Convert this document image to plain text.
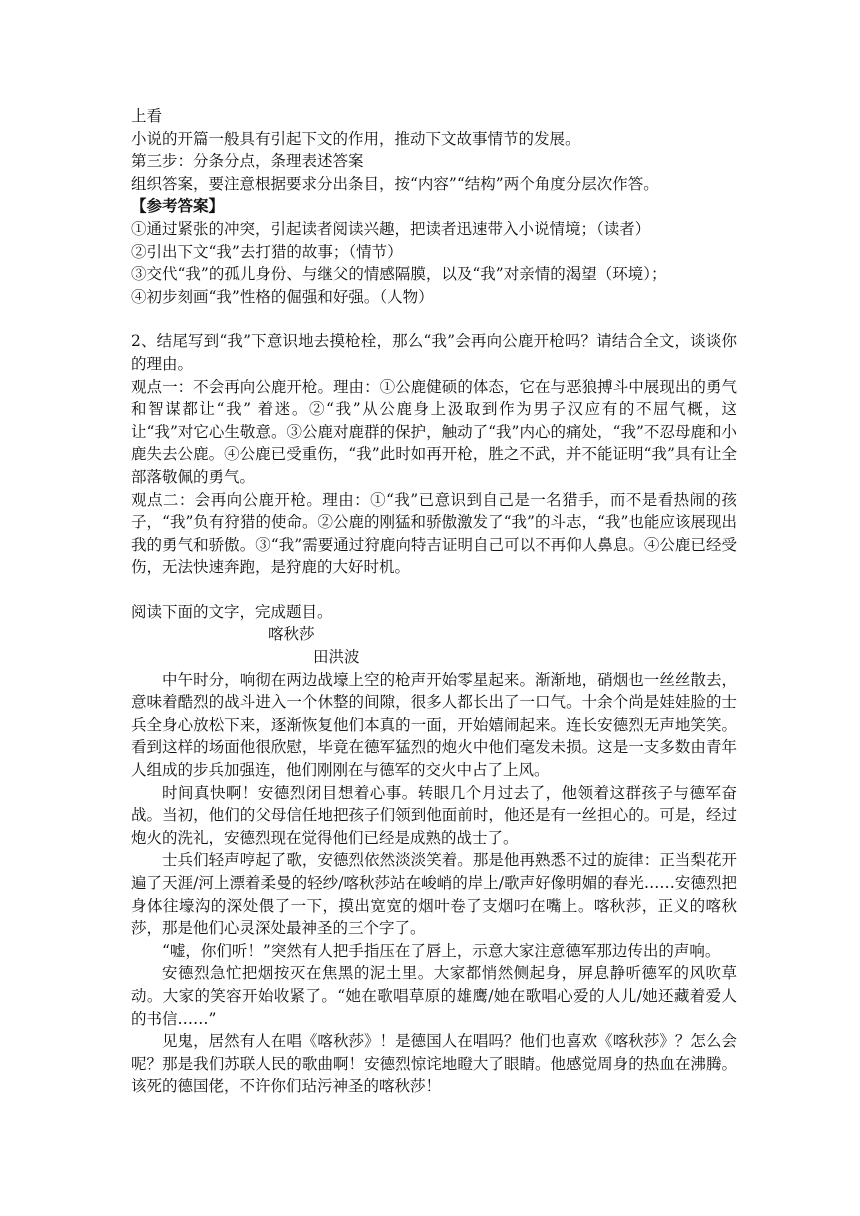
上看

小说的开篇一般具有引起下文的作用，推动下文故事情节的发展。

第三步：分条分点，条理表述答案

组织答案，要注意根据要求分出条目，按“内容”“结构”两个角度分层次作答。

【参考答案】

①通过紧张的冲突，引起读者阅读兴趣，把读者迅速带入小说情境；（读者）

②引出下文“我”去打猎的故事；（情节）

③交代“我”的孤儿身份、与继父的情感隔膜，以及“我”对亲情的渴望（环境）；

④初步刻画“我”性格的倔强和好强。（人物）

2、结尾写到“我”下意识地去摸枪栓，那么“我”会再向公鹿开枪吗？请结合全文，谈谈你的理由。

观点一：不会再向公鹿开枪。理由：①公鹿健硕的体态，它在与恶狼搏斗中展现出的勇气和智谋都让“我” 着迷。②“我”从公鹿身上汲取到作为男子汉应有的不屈气概，这让“我”对它心生敬意。③公鹿对鹿群的保护，触动了“我”内心的痛处，“我”不忍母鹿和小鹿失去公鹿。④公鹿已受重伤，“我”此时如再开枪，胜之不武，并不能证明“我”具有让全部落敬佩的勇气。

观点二：会再向公鹿开枪。理由：①“我”已意识到自己是一名猎手，而不是看热闹的孩子，“我”负有狩猎的使命。②公鹿的刚猛和骄傲激发了“我”的斗志，“我”也能应该展现出我的勇气和骄傲。③“我”需要通过狩鹿向特吉证明自己可以不再仰人鼻息。④公鹿已经受伤，无法快速奔跑，是狩鹿的大好时机。

阅读下面的文字，完成题目。

喀秋莎

田洪波

中午时分，响彻在两边战壕上空的枪声开始零星起来。渐渐地，硝烟也一丝丝散去，意味着酷烈的战斗进入一个休整的间隙，很多人都长出了一口气。十余个尚是娃娃脸的士兵全身心放松下来，逐渐恢复他们本真的一面，开始嬉闹起来。连长安德烈无声地笑笑。看到这样的场面他很欣慰，毕竟在德军猛烈的炮火中他们毫发未损。这是一支多数由青年人组成的步兵加强连，他们刚刚在与德军的交火中占了上风。

时间真快啊！安德烈闭目想着心事。转眼几个月过去了，他领着这群孩子与德军奋战。当初，他们的父母信任地把孩子们领到他面前时，他还是有一丝担心的。可是，经过炮火的洗礼，安德烈现在觉得他们已经是成熟的战士了。

士兵们轻声哼起了歌，安德烈依然淡淡笑着。那是他再熟悉不过的旋律：正当梨花开遍了天涯/河上漂着柔曼的轻纱/喀秋莎站在峻峭的岸上/歌声好像明媚的春光……安德烈把身体往壕沟的深处偎了一下，摸出宽宽的烟叶卷了支烟叼在嘴上。喀秋莎，正义的喀秋莎，那是他们心灵深处最神圣的三个字了。

“嘘，你们听！”突然有人把手指压在了唇上，示意大家注意德军那边传出的声响。

安德烈急忙把烟按灭在焦黑的泥土里。大家都悄然侧起身，屏息静听德军的风吹草动。大家的笑容开始收紧了。“她在歌唱草原的雄鹰/她在歌唱心爱的人儿/她还藏着爱人的书信……”

见鬼，居然有人在唱《喀秋莎》！是德国人在唱吗？他们也喜欢《喀秋莎》？怎么会呢？那是我们苏联人民的歌曲啊！安德烈惊诧地瞪大了眼睛。他感觉周身的热血在沸腾。该死的德国佬，不许你们玷污神圣的喀秋莎！
